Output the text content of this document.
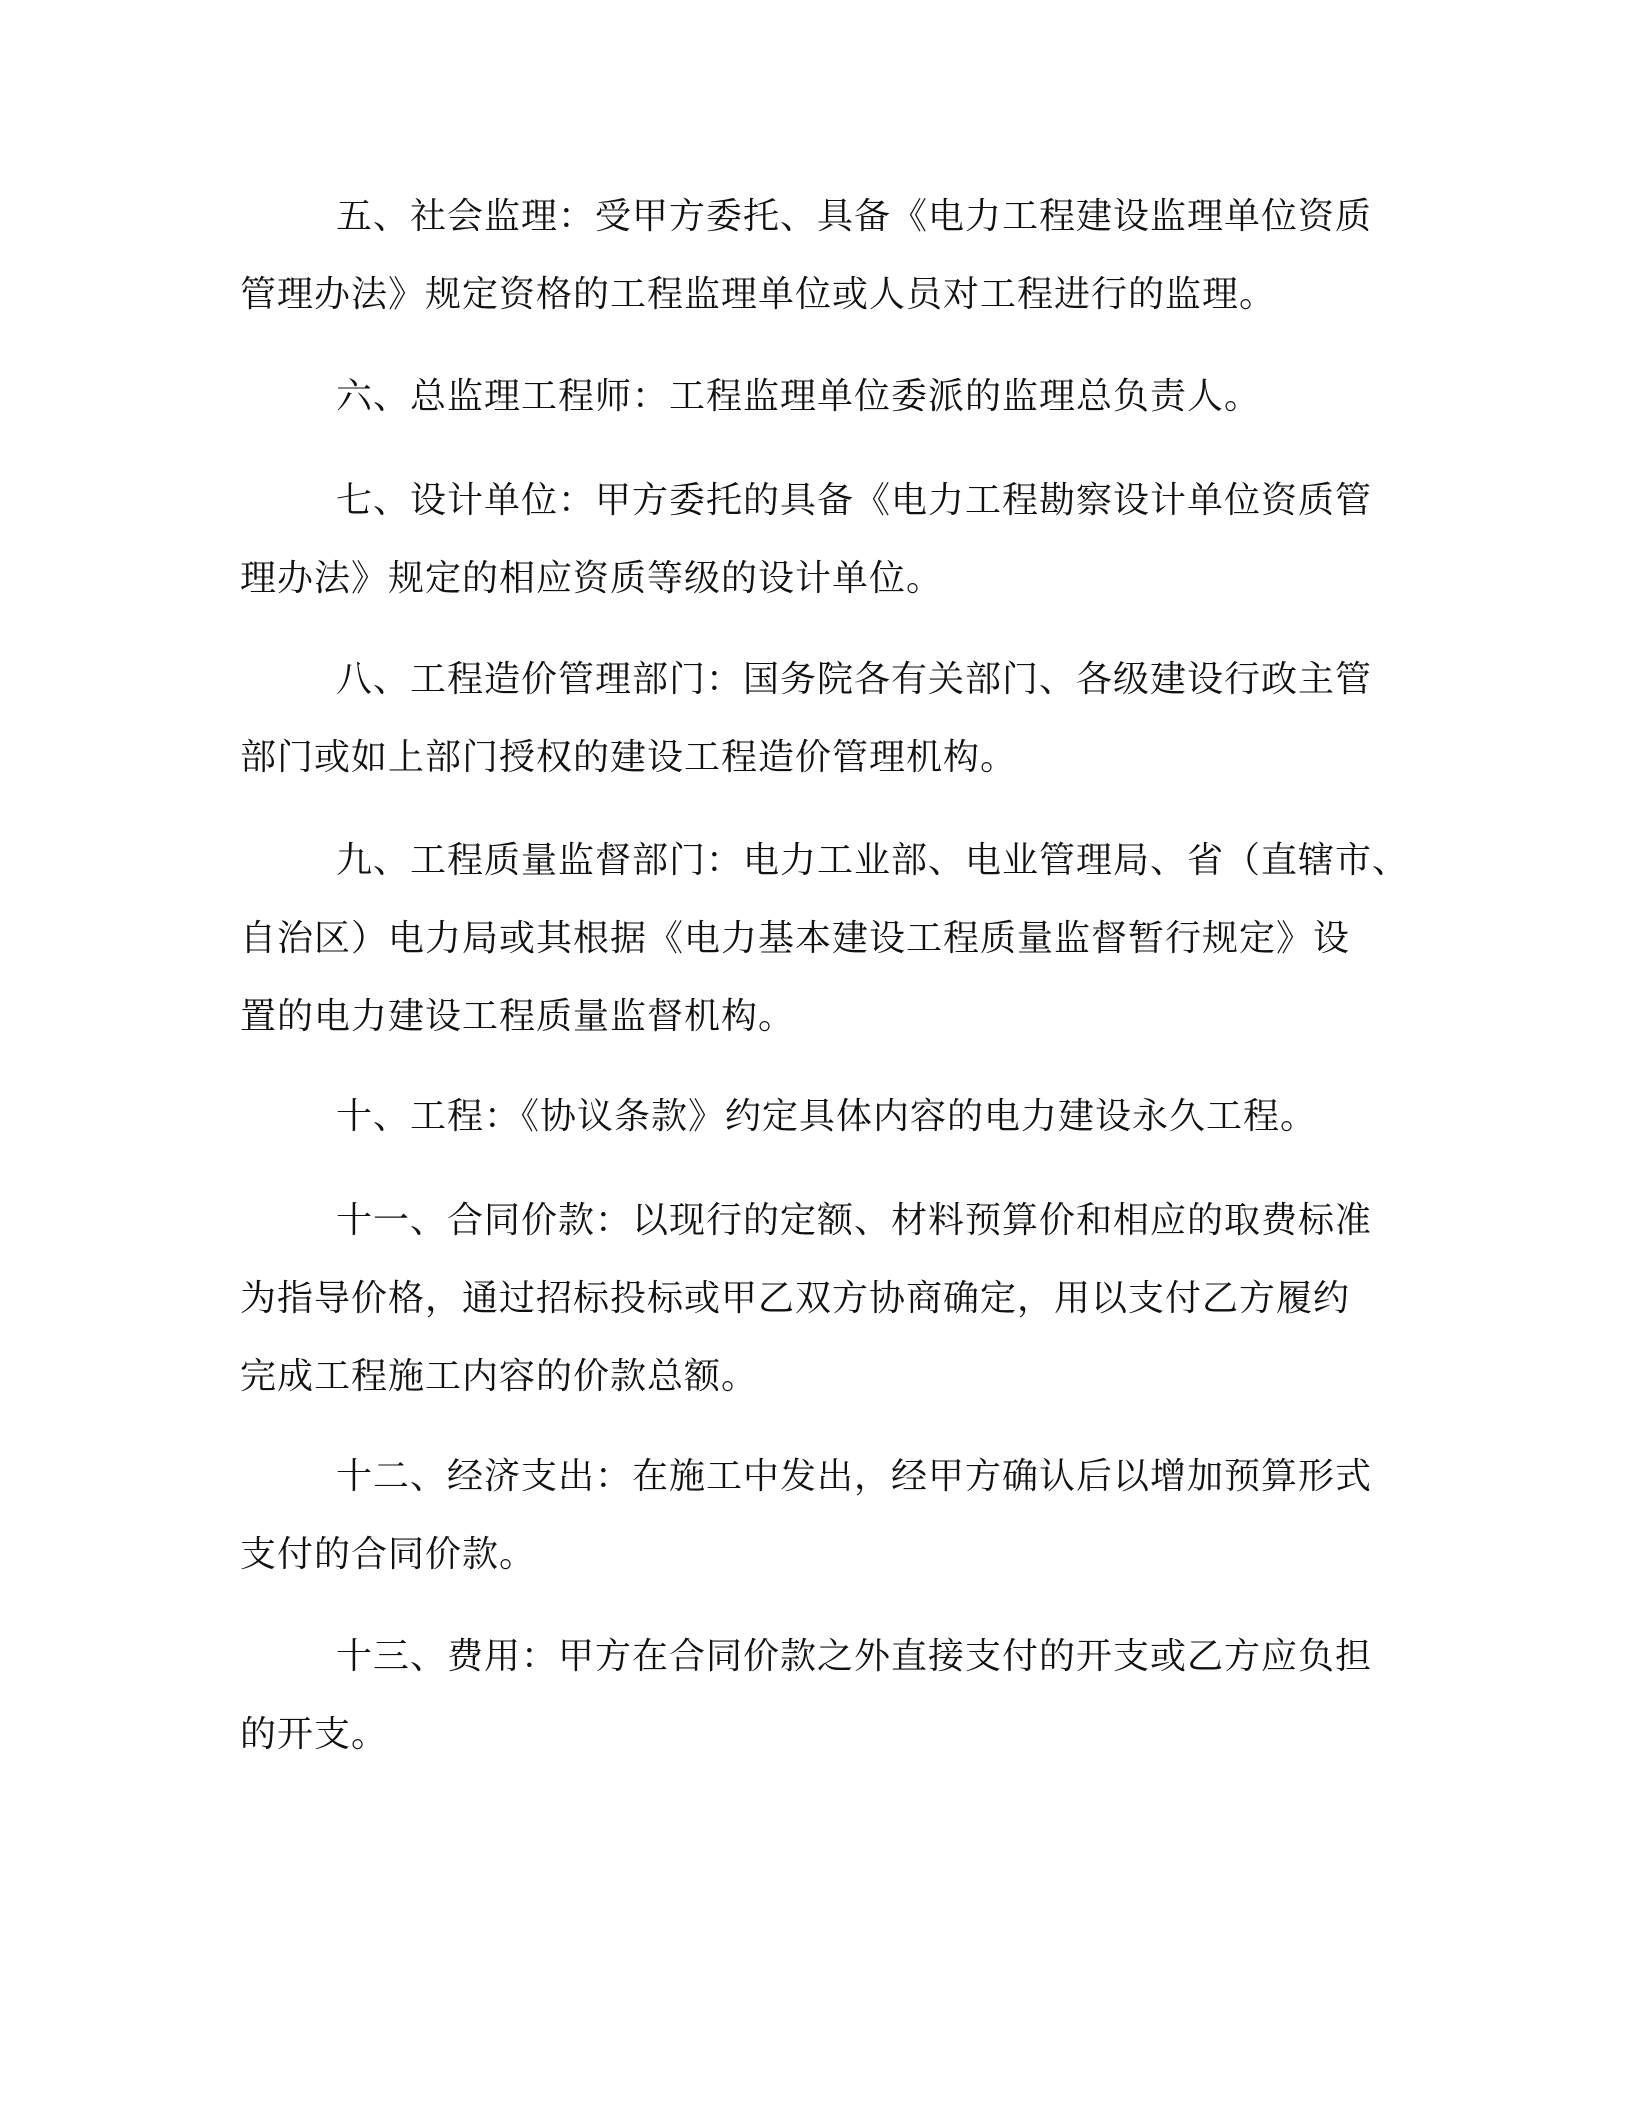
五、社会监理：受甲方委托、具备《电力工程建设监理单位资质
管理办法》规定资格的工程监理单位或人员对工程进行的监理。
六、总监理工程师：工程监理单位委派的监理总负责人。
七、设计单位：甲方委托的具备《电力工程勘察设计单位资质管
理办法》规定的相应资质等级的设计单位。
八、工程造价管理部门：国务院各有关部门、各级建设行政主管
部门或如上部门授权的建设工程造价管理机构。
九、工程质量监督部门：电力工业部、电业管理局、省（直辖市、
自治区）电力局或其根据《电力基本建设工程质量监督暂行规定》设
置的电力建设工程质量监督机构。
十、工程：《协议条款》约定具体内容的电力建设永久工程。
十一、合同价款：以现行的定额、材料预算价和相应的取费标准
为指导价格，通过招标投标或甲乙双方协商确定，用以支付乙方履约
完成工程施工内容的价款总额。
十二、经济支出：在施工中发出，经甲方确认后以增加预算形式
支付的合同价款。
十三、费用：甲方在合同价款之外直接支付的开支或乙方应负担
的开支。
